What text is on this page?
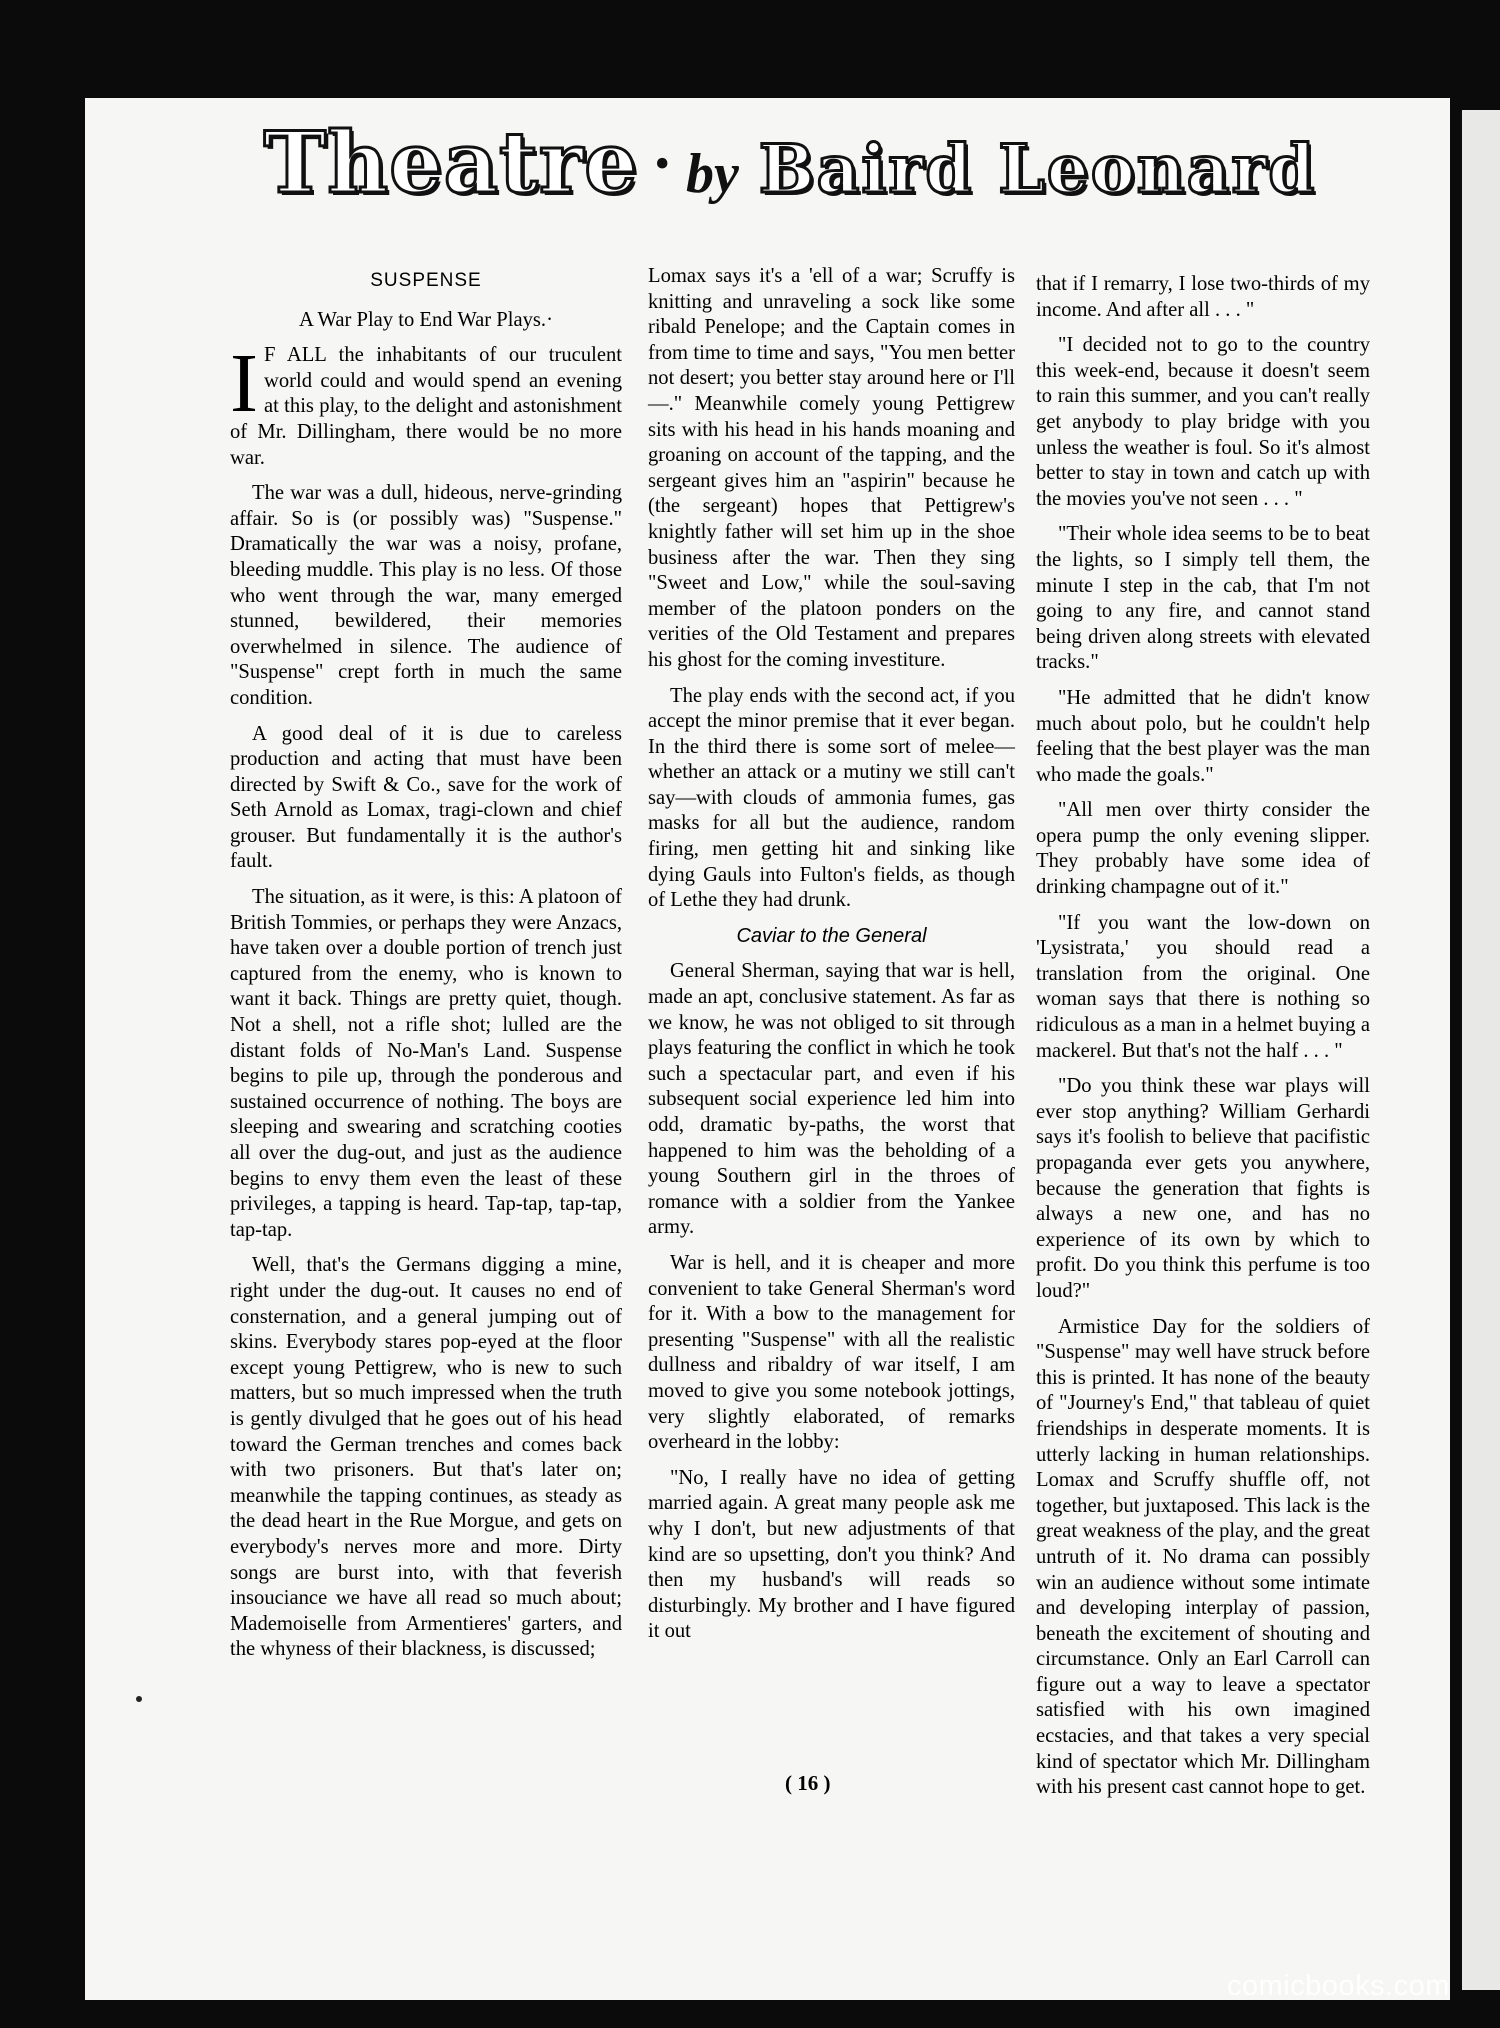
Theatre • by Baird Leonard
SUSPENSE

A War Play to End War Plays.·

I F ALL the inhabitants of our truculent world could and would spend an evening at this play, to the delight and astonishment of Mr. Dillingham, there would be no more war.

The war was a dull, hideous, nerve-grinding affair. So is (or possibly was) "Suspense." Dramatically the war was a noisy, profane, bleeding muddle. This play is no less. Of those who went through the war, many emerged stunned, bewildered, their memories overwhelmed in silence. The audience of "Suspense" crept forth in much the same condition.

A good deal of it is due to careless production and acting that must have been directed by Swift & Co., save for the work of Seth Arnold as Lomax, tragi-clown and chief grouser. But fundamentally it is the author's fault.

The situation, as it were, is this: A platoon of British Tommies, or perhaps they were Anzacs, have taken over a double portion of trench just captured from the enemy, who is known to want it back. Things are pretty quiet, though. Not a shell, not a rifle shot; lulled are the distant folds of No-Man's Land. Suspense begins to pile up, through the ponderous and sustained occurrence of nothing. The boys are sleeping and swearing and scratching cooties all over the dug-out, and just as the audience begins to envy them even the least of these privileges, a tapping is heard. Tap-tap, tap-tap, tap-tap.

Well, that's the Germans digging a mine, right under the dug-out. It causes no end of consternation, and a general jumping out of skins. Everybody stares pop-eyed at the floor except young Pettigrew, who is new to such matters, but so much impressed when the truth is gently divulged that he goes out of his head toward the German trenches and comes back with two prisoners. But that's later on; meanwhile the tapping continues, as steady as the dead heart in the Rue Morgue, and gets on everybody's nerves more and more. Dirty songs are burst into, with that feverish insouciance we have all read so much about; Mademoiselle from Armentieres' garters, and the whyness of their blackness, is discussed;

Lomax says it's a 'ell of a war; Scruffy is knitting and unraveling a sock like some ribald Penelope; and the Captain comes in from time to time and says, "You men better not desert; you better stay around here or I'll—." Meanwhile comely young Pettigrew sits with his head in his hands moaning and groaning on account of the tapping, and the sergeant gives him an "aspirin" because he (the sergeant) hopes that Pettigrew's knightly father will set him up in the shoe business after the war. Then they sing "Sweet and Low," while the soul-saving member of the platoon ponders on the verities of the Old Testament and prepares his ghost for the coming investiture.

The play ends with the second act, if you accept the minor premise that it ever began. In the third there is some sort of melee—whether an attack or a mutiny we still can't say—with clouds of ammonia fumes, gas masks for all but the audience, random firing, men getting hit and sinking like dying Gauls into Fulton's fields, as though of Lethe they had drunk.

Caviar to the General

General Sherman, saying that war is hell, made an apt, conclusive statement. As far as we know, he was not obliged to sit through plays featuring the conflict in which he took such a spectacular part, and even if his subsequent social experience led him into odd, dramatic by-paths, the worst that happened to him was the beholding of a young Southern girl in the throes of romance with a soldier from the Yankee army.

War is hell, and it is cheaper and more convenient to take General Sherman's word for it. With a bow to the management for presenting "Suspense" with all the realistic dullness and ribaldry of war itself, I am moved to give you some notebook jottings, very slightly elaborated, of remarks overheard in the lobby:

"No, I really have no idea of getting married again. A great many people ask me why I don't, but new adjustments of that kind are so upsetting, don't you think? And then my husband's will reads so disturbingly. My brother and I have figured it out

that if I remarry, I lose two-thirds of my income. And after all . . . "

"I decided not to go to the country this week-end, because it doesn't seem to rain this summer, and you can't really get anybody to play bridge with you unless the weather is foul. So it's almost better to stay in town and catch up with the movies you've not seen . . . "

"Their whole idea seems to be to beat the lights, so I simply tell them, the minute I step in the cab, that I'm not going to any fire, and cannot stand being driven along streets with elevated tracks."

"He admitted that he didn't know much about polo, but he couldn't help feeling that the best player was the man who made the goals."

"All men over thirty consider the opera pump the only evening slipper. They probably have some idea of drinking champagne out of it."

"If you want the low-down on 'Lysistrata,' you should read a translation from the original. One woman says that there is nothing so ridiculous as a man in a helmet buying a mackerel. But that's not the half . . . "

"Do you think these war plays will ever stop anything? William Gerhardi says it's foolish to believe that pacifistic propaganda ever gets you anywhere, because the generation that fights is always a new one, and has no experience of its own by which to profit. Do you think this perfume is too loud?"

Armistice Day for the soldiers of "Suspense" may well have struck before this is printed. It has none of the beauty of "Journey's End," that tableau of quiet friendships in desperate moments. It is utterly lacking in human relationships. Lomax and Scruffy shuffle off, not together, but juxtaposed. This lack is the great weakness of the play, and the great untruth of it. No drama can possibly win an audience without some intimate and developing interplay of passion, beneath the excitement of shouting and circumstance. Only an Earl Carroll can figure out a way to leave a spectator satisfied with his own imagined ecstacies, and that takes a very special kind of spectator which Mr. Dillingham with his present cast cannot hope to get.

( 16 )
comicbooks.com
